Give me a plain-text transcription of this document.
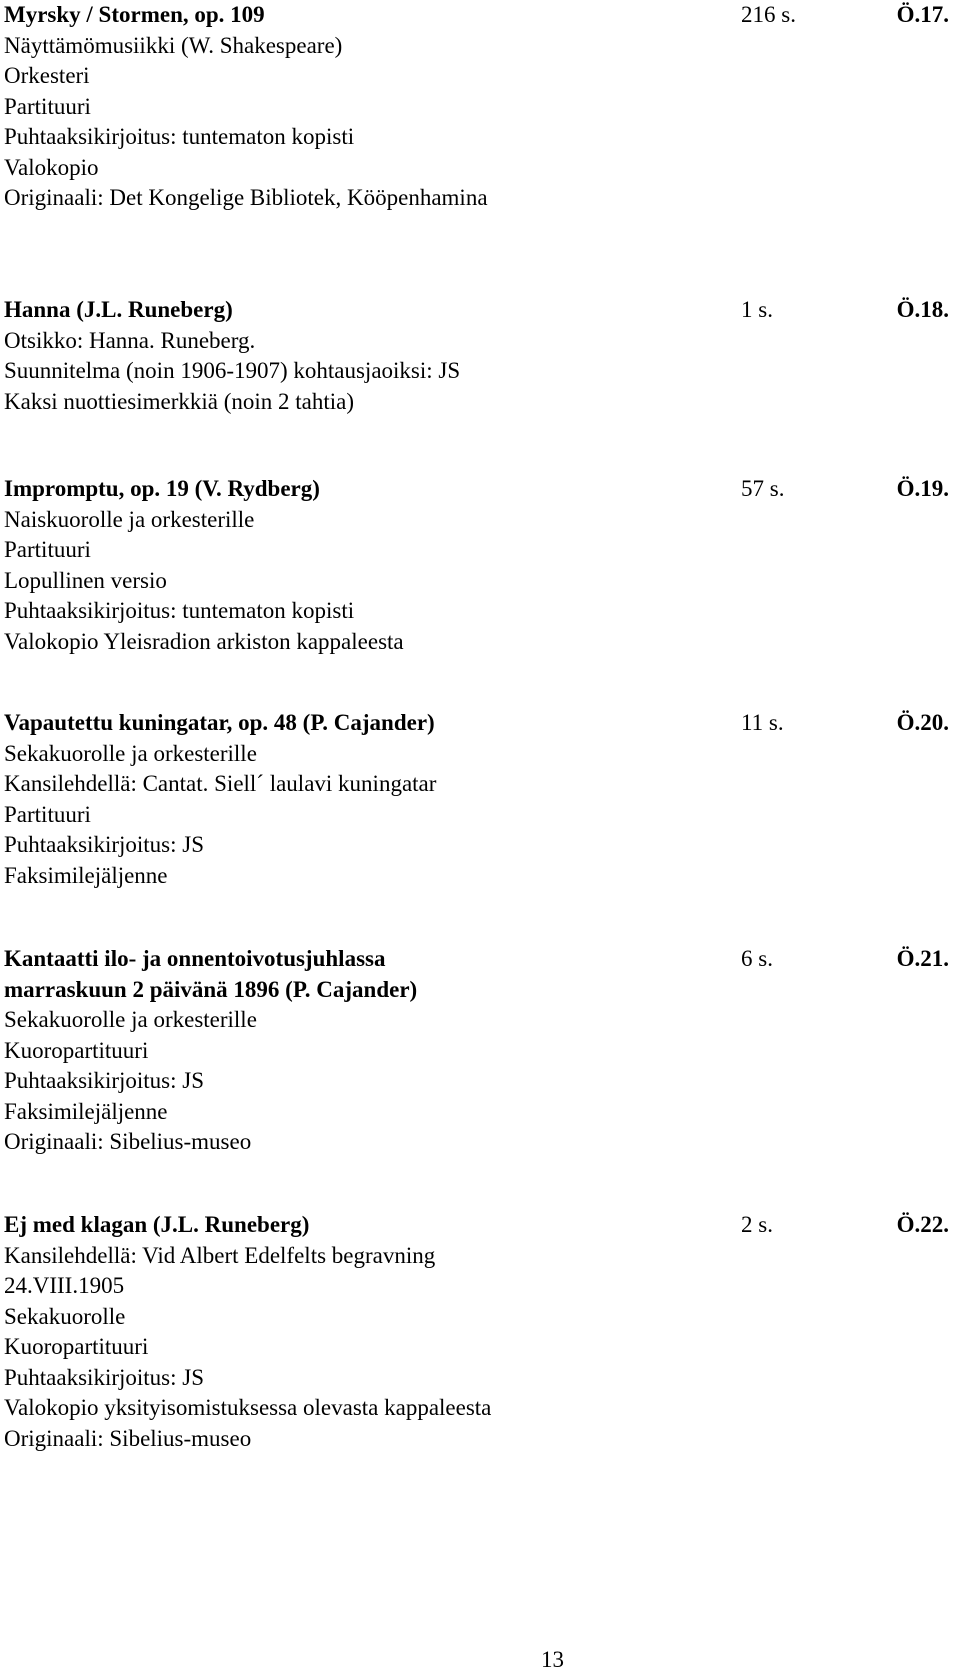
Myrsky / Stormen, op. 109	216 s.	Ö.17.
Näyttämömusiikki (W. Shakespeare)
Orkesteri
Partituuri
Puhtaaksikirjoitus: tuntematon kopisti
Valokopio
Originaali: Det Kongelige Bibliotek, Kööpenhamina
Hanna (J.L. Runeberg)	1 s.	Ö.18.
Otsikko: Hanna. Runeberg.
Suunnitelma (noin 1906-1907) kohtausjaoiksi: JS
Kaksi nuottiesimerkkiä (noin 2 tahtia)
Impromptu, op. 19 (V. Rydberg)	57 s.	Ö.19.
Naiskuorolle ja orkesterille
Partituuri
Lopullinen versio
Puhtaaksikirjoitus: tuntematon kopisti
Valokopio Yleisradion arkiston kappaleesta
Vapautettu kuningatar, op. 48 (P. Cajander)	11 s.	Ö.20.
Sekakuorolle ja orkesterille
Kansilehdellä: Cantat. Siell´ laulavi kuningatar
Partituuri
Puhtaaksikirjoitus: JS
Faksimilejäljenne
Kantaatti ilo- ja onnentoivotusjuhlassa	6 s.	Ö.21.
marraskuun 2 päivänä 1896 (P. Cajander)
Sekakuorolle ja orkesterille
Kuoropartituuri
Puhtaaksikirjoitus: JS
Faksimilejäljenne
Originaali: Sibelius-museo
Ej med klagan (J.L. Runeberg)	2 s.	Ö.22.
Kansilehdellä: Vid Albert Edelfelts begravning
24.VIII.1905
Sekakuorolle
Kuoropartituuri
Puhtaaksikirjoitus: JS
Valokopio yksityisomistuksessa olevasta kappaleesta
Originaali: Sibelius-museo
13
